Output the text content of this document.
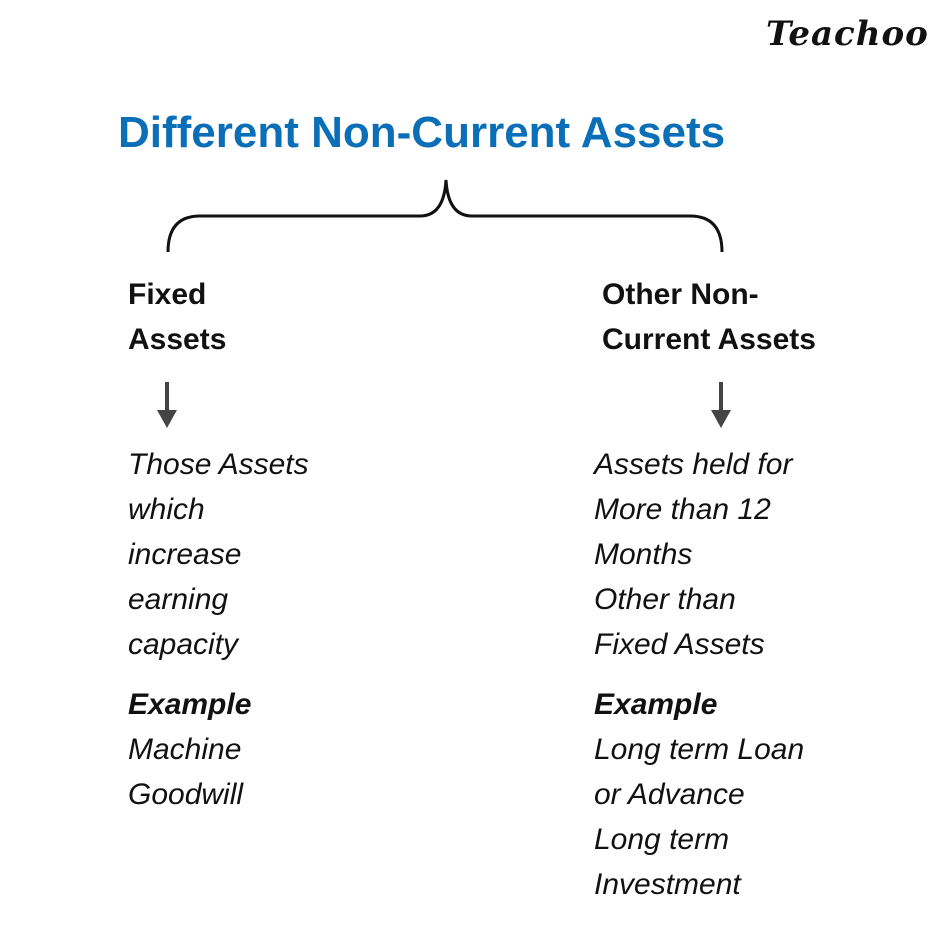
Teachoo
Different Non-Current Assets
Fixed
Assets
Those Assets
which
increase
earning
capacity
Example
Machine
Goodwill
Other Non-
Current Assets
Assets held for
More than 12
Months
Other than
Fixed Assets
Example
Long term Loan
or Advance
Long term
Investment
